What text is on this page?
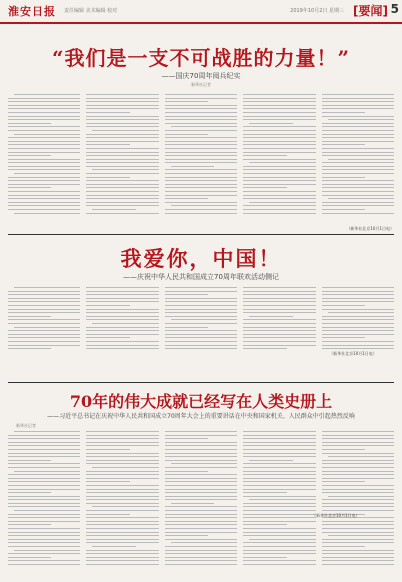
淮安日报 责任编辑 美术编辑 校对	2019年10月2日 星期三 [要闻] 5
“我们是一支不可战胜的力量！”
——国庆70周年阅兵纪实
新华社记者
（新华社北京10月1日电）
我爱你，中国！
——庆祝中华人民共和国成立70周年联欢活动侧记
（新华社北京10月1日电）
70年的伟大成就已经写在人类史册上
——习近平总书记在庆祝中华人民共和国成立70周年大会上的重要讲话在中央和国家机关、人民群众中引起热烈反响
新华社记者
（新华社北京10月1日电）
